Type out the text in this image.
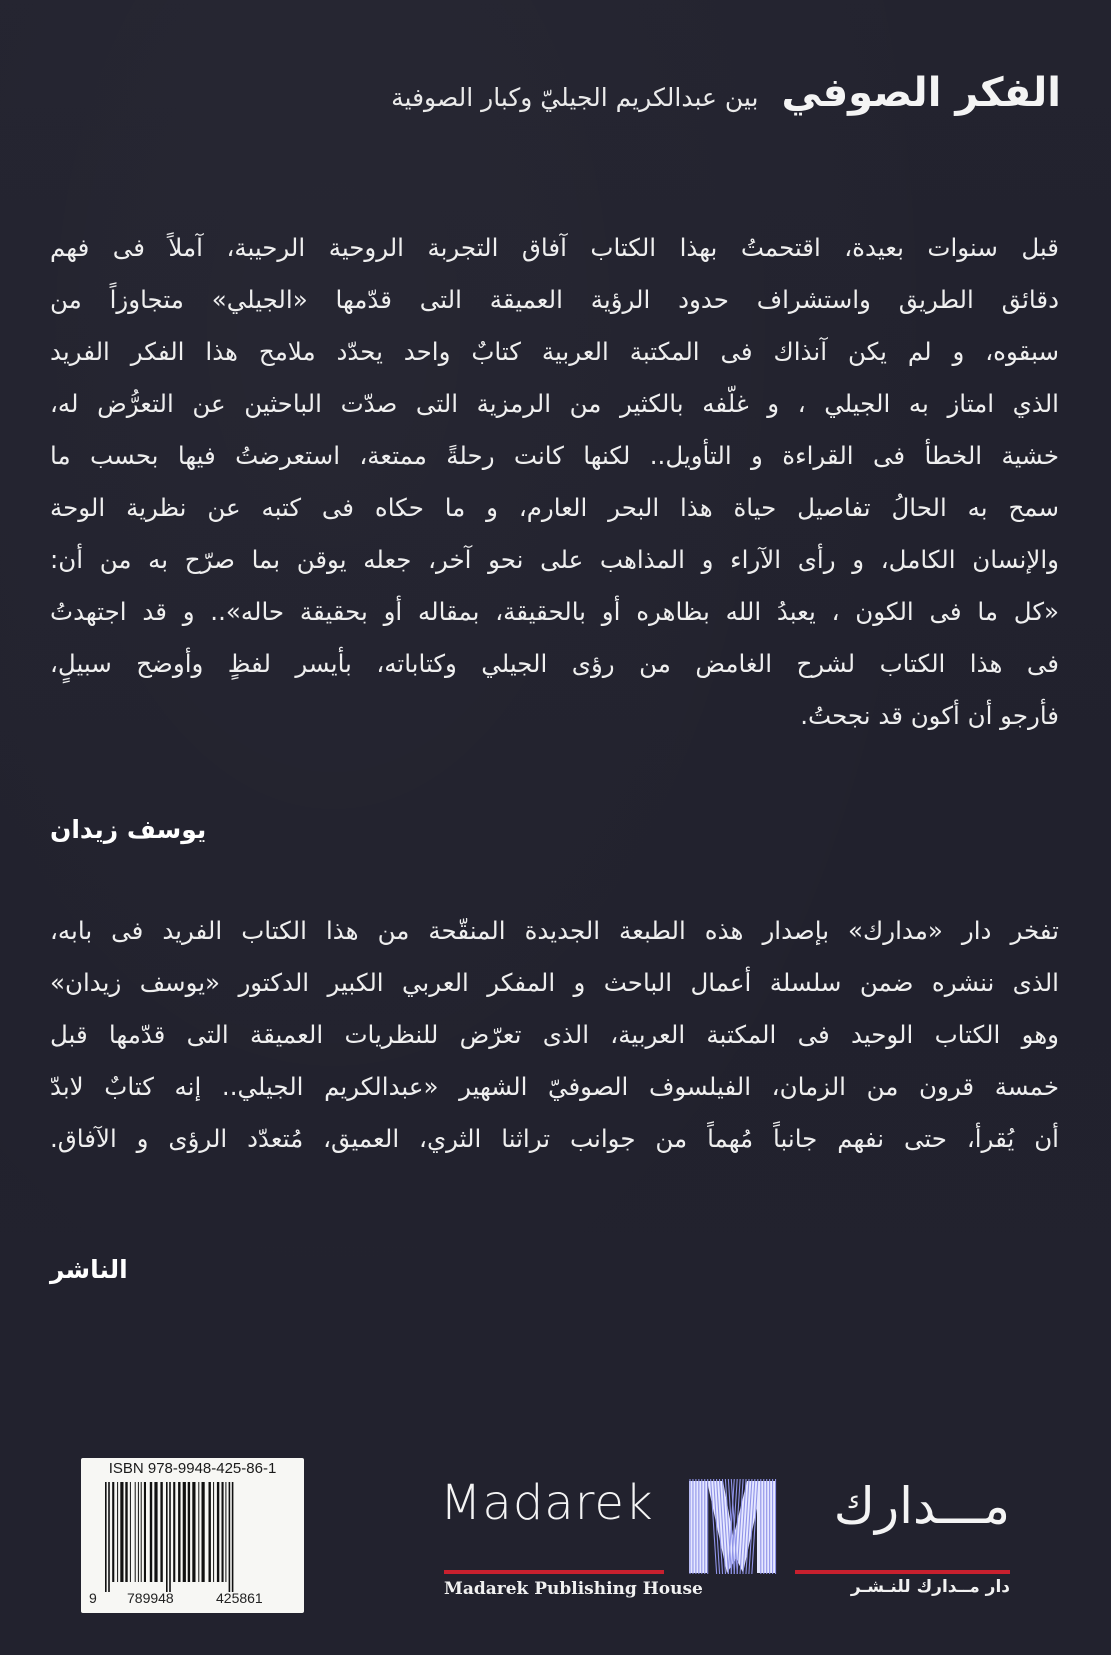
الفكر الصوفي بين عبدالكريم الجيليّ وكبار الصوفية
قبل سنوات بعيدة، اقتحمتُ بهذا الكتاب آفاق التجربة الروحية الرحيبة، آملاً فى فهم
دقائق الطريق واستشراف حدود الرؤية العميقة التى قدّمها «الجيلي» متجاوزاً من
سبقوه، و لم يكن آنذاك فى المكتبة العربية كتابٌ واحد يحدّد ملامح هذا الفكر الفريد
الذي امتاز به الجيلي ، و غلّفه بالكثير من الرمزية التى صدّت الباحثين عن التعرُّض له،
خشية الخطأ فى القراءة و التأويل.. لكنها كانت رحلةً ممتعة، استعرضتُ فيها بحسب ما
سمح به الحالُ تفاصيل حياة هذا البحر العارم، و ما حكاه فى كتبه عن نظرية الوحة
والإنسان الكامل، و رأى الآراء و المذاهب على نحو آخر، جعله يوقن بما صرّح به من أن:
«كل ما فى الكون ، يعبدُ الله بظاهره أو بالحقيقة، بمقاله أو بحقيقة حاله».. و قد اجتهدتُ
فى هذا الكتاب لشرح الغامض من رؤى الجيلي وكتاباته، بأيسر لفظٍ وأوضح سبيلٍ،
فأرجو أن أكون قد نجحتُ.
يوسف زيدان
تفخر دار «مدارك» بإصدار هذه الطبعة الجديدة المنقّحة من هذا الكتاب الفريد فى بابه،
الذى ننشره ضمن سلسلة أعمال الباحث و المفكر العربي الكبير الدكتور «يوسف زيدان»
وهو الكتاب الوحيد فى المكتبة العربية، الذى تعرّض للنظريات العميقة التى قدّمها قبل
خمسة قرون من الزمان، الفيلسوف الصوفيّ الشهير «عبدالكريم الجيلي.. إنه كتابٌ لابدّ
أن يُقرأ، حتى نفهم جانباً مُهماً من جوانب تراثنا الثري، العميق، مُتعدّد الرؤى و الآفاق.
الناشر
ISBN 978-9948-425-86-1
9 789948	425861
Madarek	مـــدارك
Madarek Publishing House	دار مــدارك للنـشـر
